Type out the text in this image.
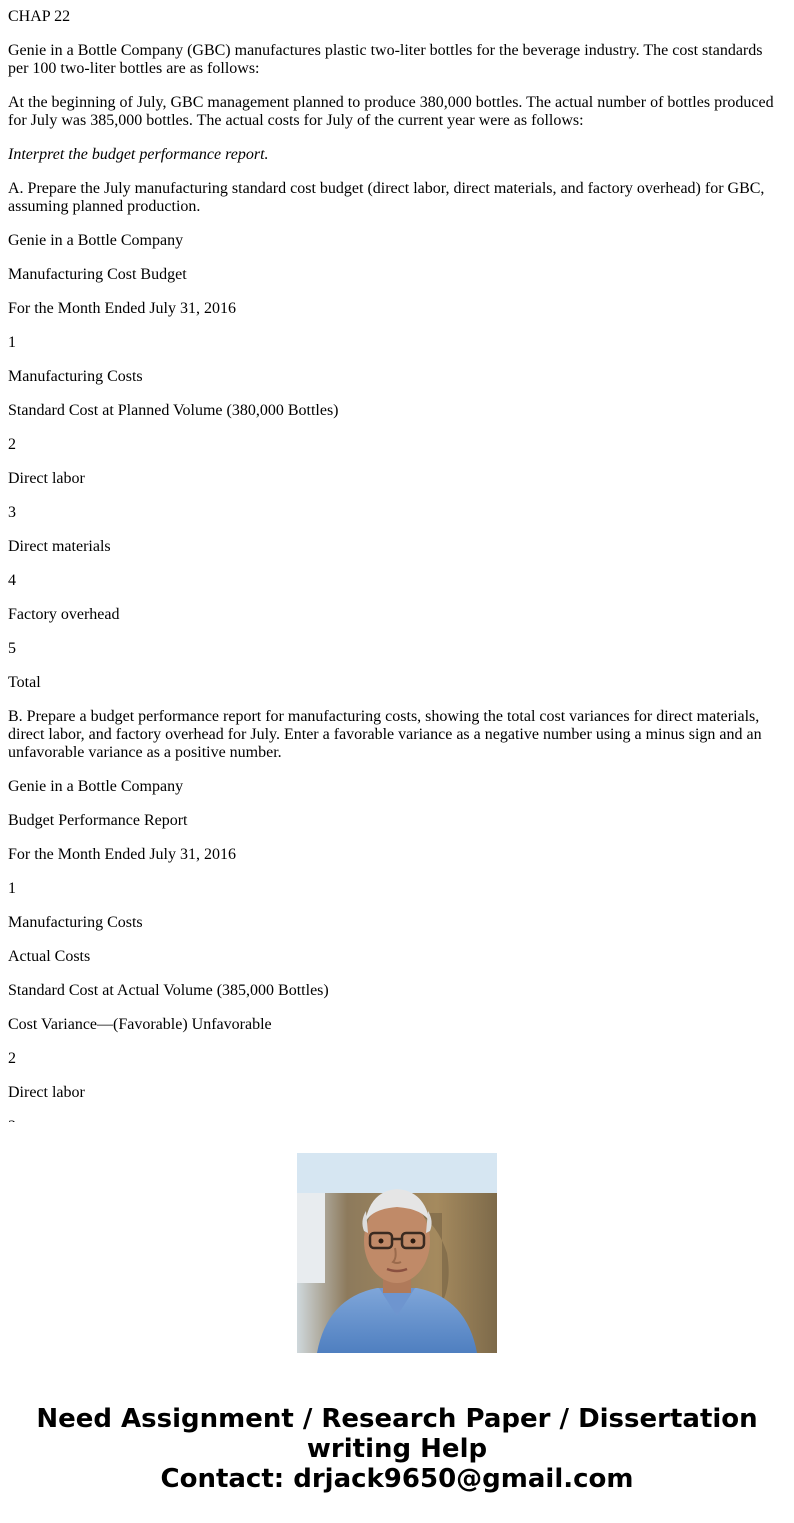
CHAP 22

Genie in a Bottle Company (GBC) manufactures plastic two-liter bottles for the beverage industry. The cost standards per 100 two-liter bottles are as follows:

At the beginning of July, GBC management planned to produce 380,000 bottles. The actual number of bottles produced for July was 385,000 bottles. The actual costs for July of the current year were as follows:

Interpret the budget performance report.

A. Prepare the July manufacturing standard cost budget (direct labor, direct materials, and factory overhead) for GBC, assuming planned production.

Genie in a Bottle Company

Manufacturing Cost Budget

For the Month Ended July 31, 2016

1

Manufacturing Costs

Standard Cost at Planned Volume (380,000 Bottles)

2

Direct labor

3

Direct materials

4

Factory overhead

5

Total

B. Prepare a budget performance report for manufacturing costs, showing the total cost variances for direct materials, direct labor, and factory overhead for July. Enter a favorable variance as a negative number using a minus sign and an unfavorable variance as a positive number.

Genie in a Bottle Company

Budget Performance Report

For the Month Ended July 31, 2016

1

Manufacturing Costs

Actual Costs

Standard Cost at Actual Volume (385,000 Bottles)

Cost Variance—(Favorable) Unfavorable

2

Direct labor

Need Assignment / Research Paper / Dissertation
writing Help
Contact: drjack9650@gmail.com
